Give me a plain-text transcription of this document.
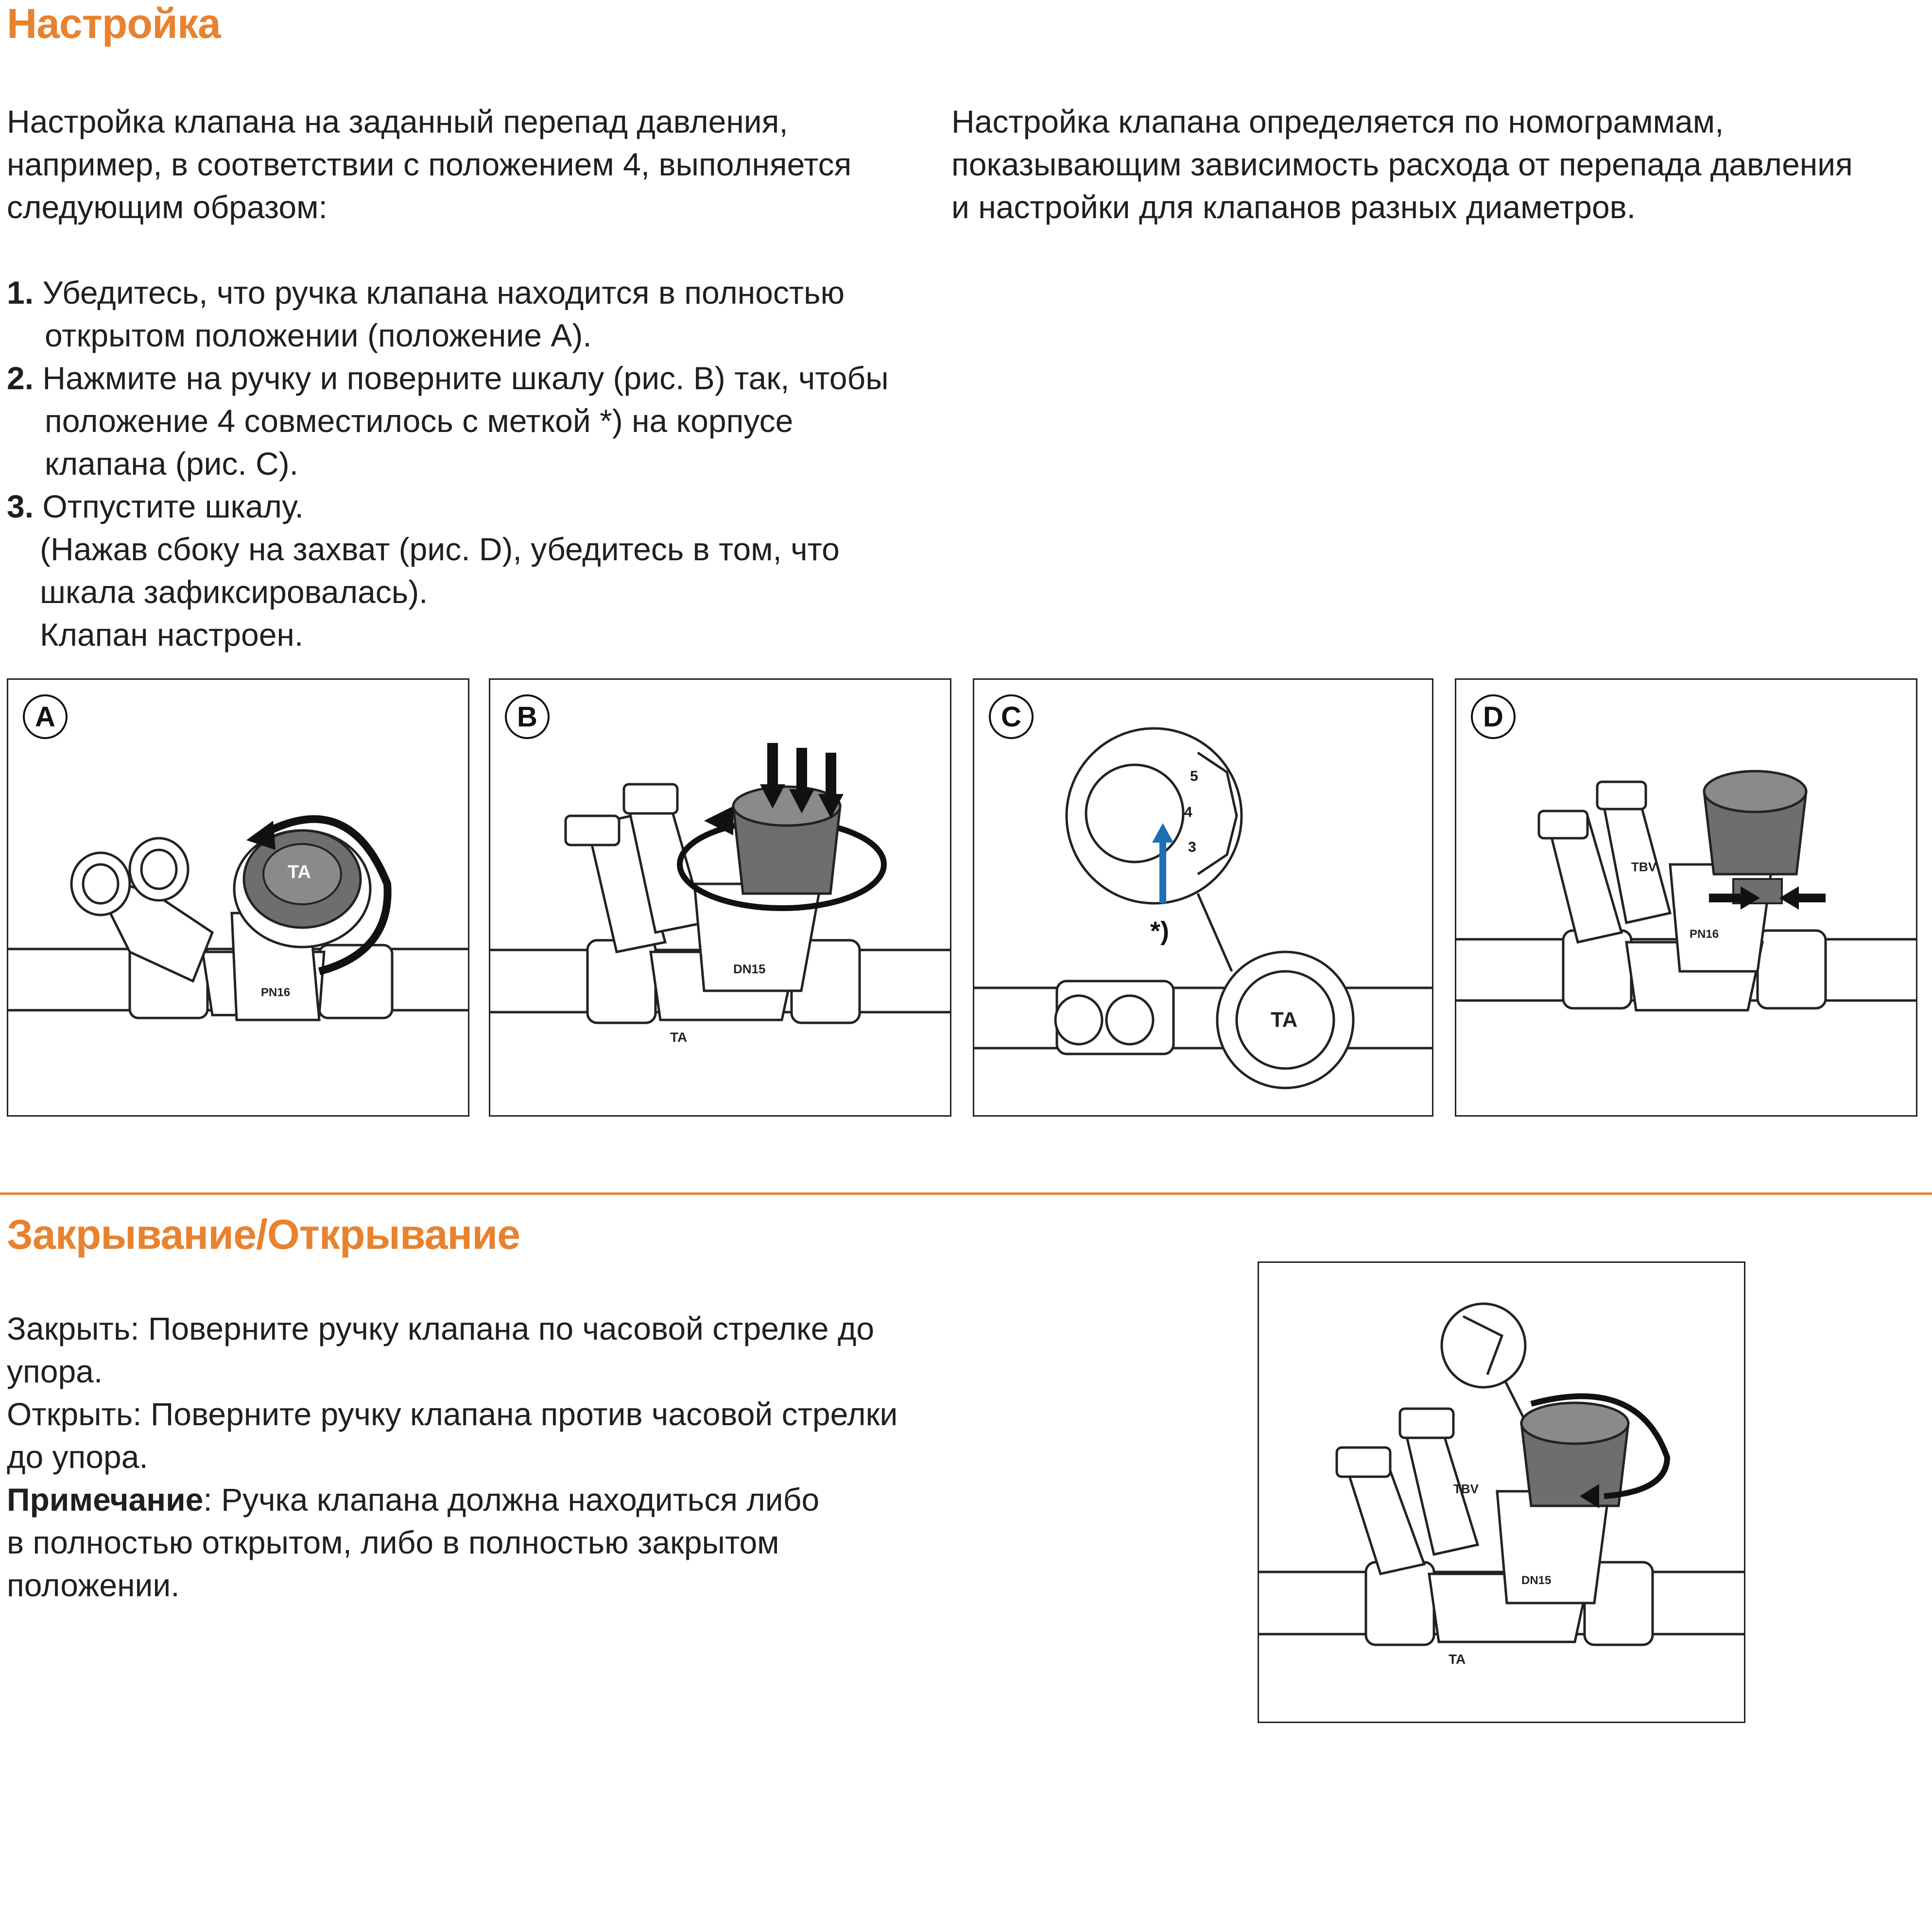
Настройка

Настройка клапана на заданный перепад давления,

например, в соответствии с положением 4, выполняется

следующим образом:

Настройка клапана определяется по номограммам,

показывающим зависимость расхода от перепада давления

и настройки для клапанов разных диаметров.

1. Убедитесь, что ручка клапана находится в полностью

открытом положении (положение А).

2. Нажмите на ручку и поверните шкалу (рис. В) так, чтобы

положение 4 совместилось с меткой *) на корпусе

клапана (рис. С).

3. Отпустите шкалу.

(Нажав сбоку на захват (рис. D), убедитесь в том, что

шкала зафиксировалась).

Клапан настроен.

A
TA
PN16
B
TA
DN15
C
*)
3
4
5
TA
D
TBV
PN16
Закрывание/Открывание

Закрыть: Поверните ручку клапана по часовой стрелке до

упора.

Открыть: Поверните ручку клапана против часовой стрелки

до упора.

Примечание: Ручка клапана должна находиться либо

в полностью открытом, либо в полностью закрытом

положении.

TA
TBV
DN15
